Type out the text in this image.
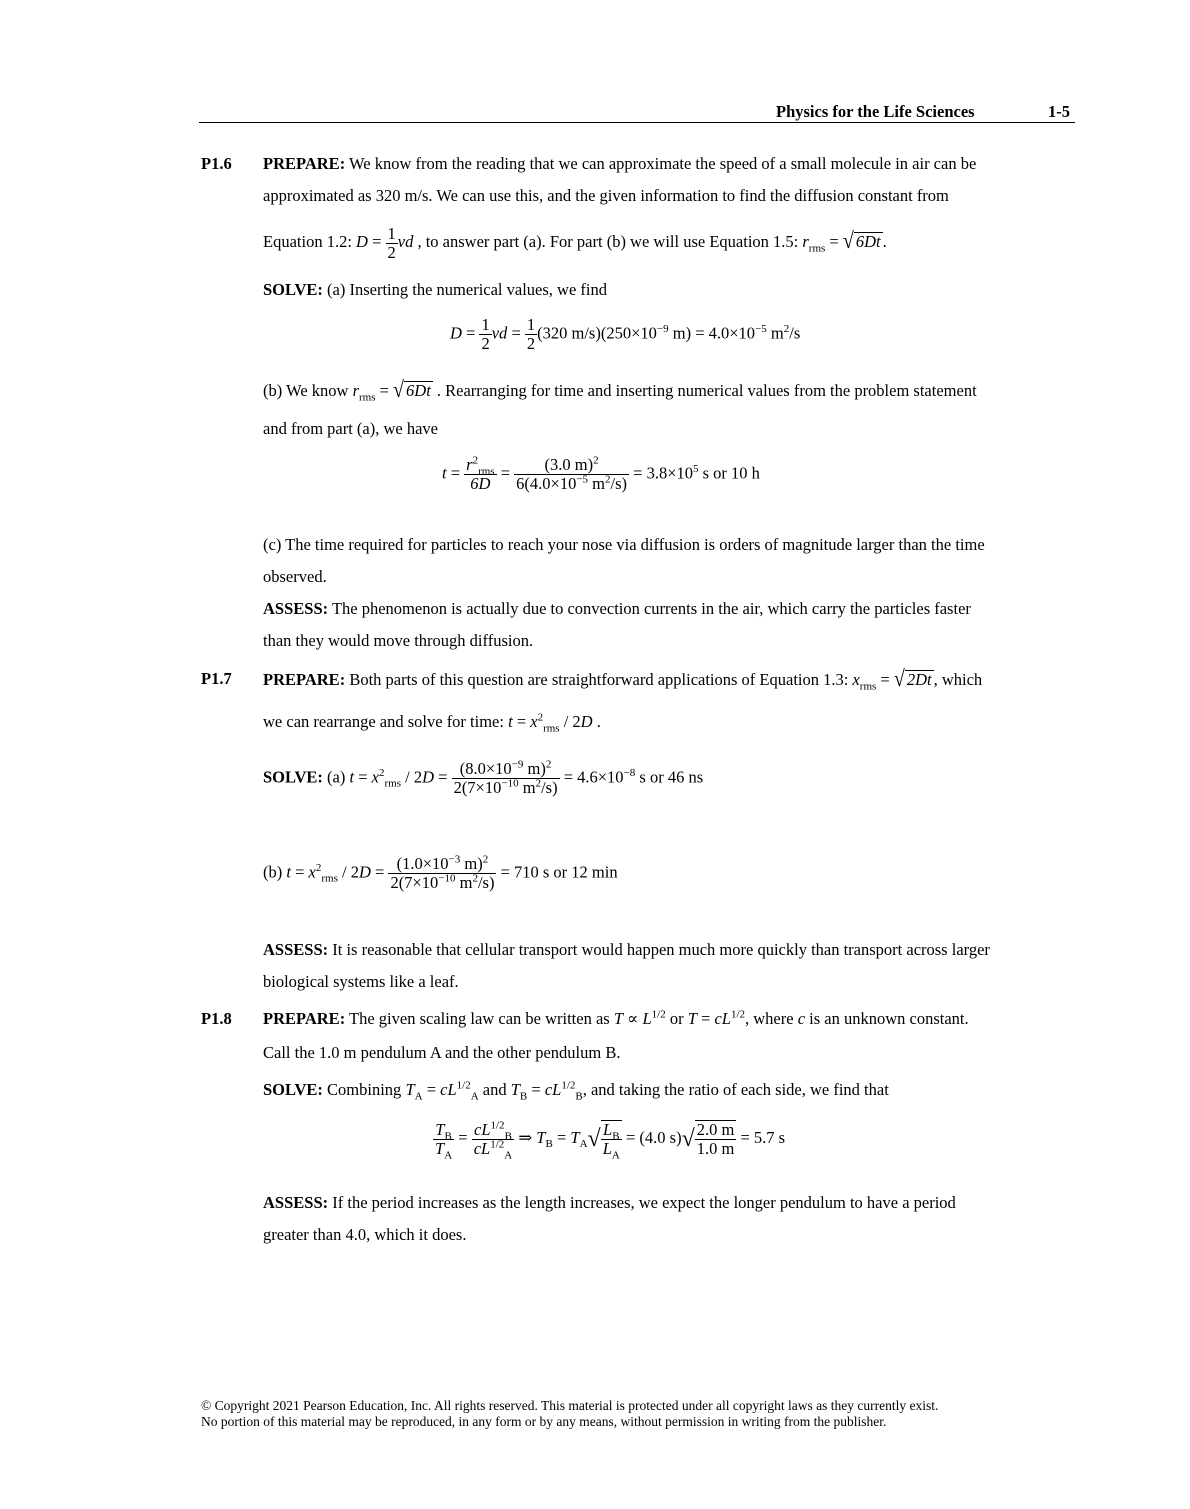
Physics for the Life Sciences	1-5
P1.6 PREPARE: We know from the reading that we can approximate the speed of a small molecule in air can be
approximated as 320 m/s. We can use this, and the given information to find the diffusion constant from
Equation 1.2: $D = \frac{1}{2}$ vd , to answer part (a). For part (b) we will use Equation 1.5: $r_{rms}$ = √ 6Dt .
SOLVE: (a) Inserting the numerical values, we find
$D = \frac{1}{2}$ vd = $\frac{1}{2} (320$ $m/s)(250\times 10^{-9}$ $m) = 4.0\times 10^{-5}$ $m^2/s$
(b) We know $r_{rms}$ = √ 6Dt . Rearranging for time and inserting numerical values from the problem statement
and from part (a), we have
$t = \frac{r^2_{rms}}{6D} = \frac{(3.0 m)^2}{6(4.0\times 10^{-5} m^2/s)} = 3.8\times 10^5$ s or 10 h
(c) The time required for particles to reach your nose via diffusion is orders of magnitude larger than the time
observed.
ASSESS: The phenomenon is actually due to convection currents in the air, which carry the particles faster
than they would move through diffusion.
P1.7 PREPARE: Both parts of this question are straightforward applications of Equation 1.3: $x_{rms}$ = √ 2Dt , which
we can rearrange and solve for time: $t = x^2_{rms} / 2D$ .
SOLVE: (a) $t = x^2_{rms} / 2D = \frac{(8.0\times 10^{-9} m)^2}{2(7\times 10^{-10} m^2/s)} = 4.6\times 10^{-8}$ s or 46 ns
(b) $t = x^2_{rms} / 2D = \frac{(1.0\times 10^{-3} m)^2}{2(7\times 10^{-10} m^2/s)} = 710$ s or 12 min
ASSESS: It is reasonable that cellular transport would happen much more quickly than transport across larger
biological systems like a leaf.
P1.8 PREPARE: The given scaling law can be written as $T \propto L^{1/2}$ or $T = cL^{1/2}$, where c is an unknown constant.
Call the 1.0 m pendulum A and the other pendulum B.
SOLVE: Combining $T_A = cL^{1/2}_A$ and $T_B = cL^{1/2}_B$, and taking the ratio of each side, we find that
$\frac{T_B}{T_A} = \frac{cL^{1/2}_B}{cL^{1/2}_A}$ ⇒ $T_B = T_A√ \frac{L_B}{L_A} = (4.0$ $s)√ \frac{2.0 m}{1.0 m} = 5.7$ s
ASSESS: If the period increases as the length increases, we expect the longer pendulum to have a period
greater than 4.0, which it does.
© Copyright 2021 Pearson Education, Inc. All rights reserved. This material is protected under all copyright laws as they currently exist.
No portion of this material may be reproduced, in any form or by any means, without permission in writing from the publisher.
